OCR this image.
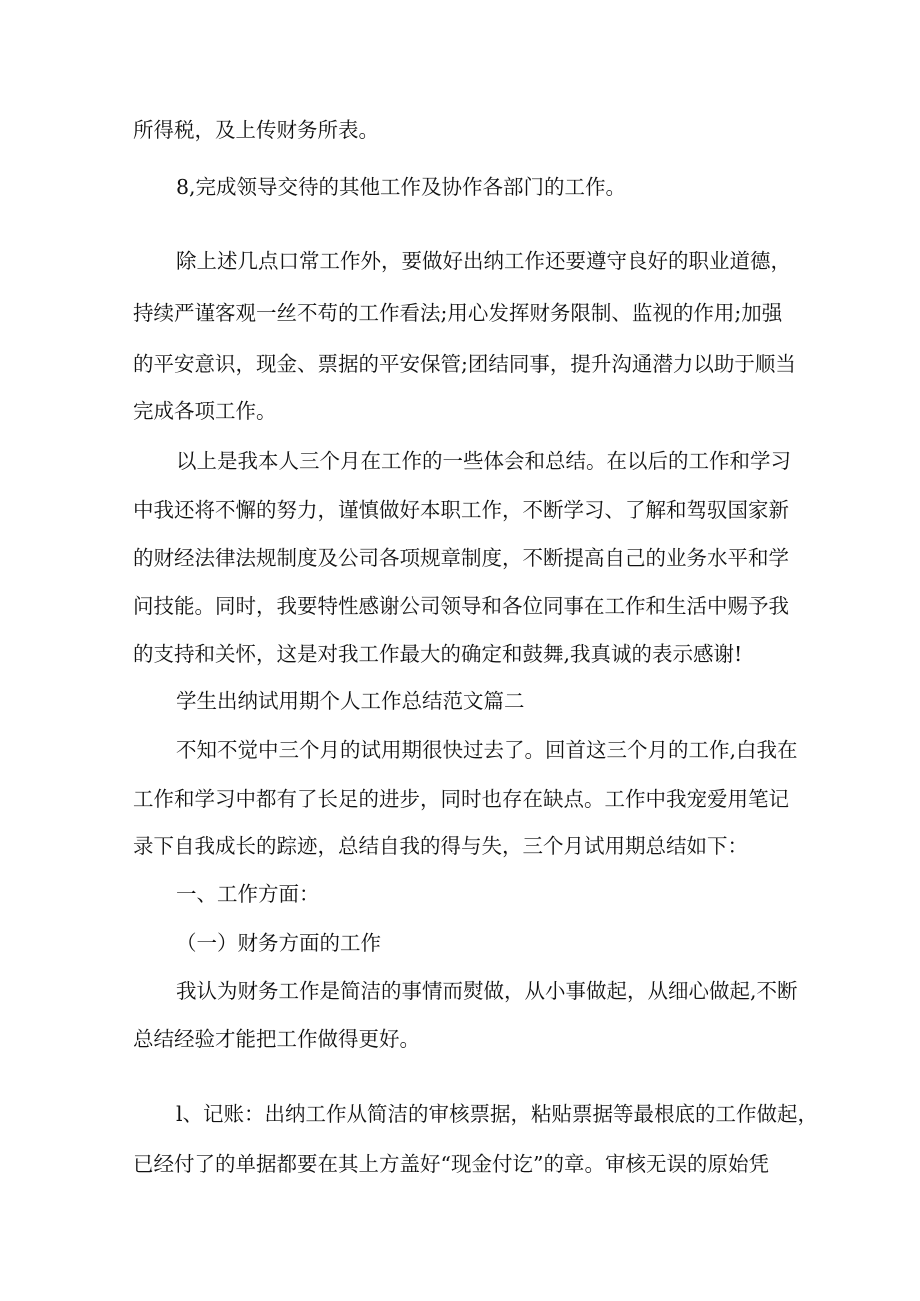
所得税，及上传财务所表。
8,完成领导交待的其他工作及协作各部门的工作。
除上述几点口常工作外，要做好出纳工作还要遵守良好的职业道德，
持续严谨客观一丝不苟的工作看法;用心发挥财务限制、监视的作用;加强
的平安意识，现金、票据的平安保管;团结同事，提升沟通潜力以助于顺当
完成各项工作。
以上是我本人三个月在工作的一些体会和总结。在以后的工作和学习
中我还将不懈的努力，谨慎做好本职工作，不断学习、了解和驾驭国家新
的财经法律法规制度及公司各项规章制度，不断提高自己的业务水平和学
问技能。同时，我要特性感谢公司领导和各位同事在工作和生活中赐予我
的支持和关怀，这是对我工作最大的确定和鼓舞,我真诚的表示感谢!
学生出纳试用期个人工作总结范文篇二
不知不觉中三个月的试用期很快过去了。回首这三个月的工作,白我在
工作和学习中都有了长足的进步，同时也存在缺点。工作中我宠爱用笔记
录下自我成长的踪迹，总结自我的得与失，三个月试用期总结如下：
一、工作方面：
（一）财务方面的工作
我认为财务工作是简洁的事情而熨做，从小事做起，从细心做起,不断
总结经验才能把工作做得更好。
l、记账：出纳工作从简洁的审核票据，粘贴票据等最根底的工作做起，
已经付了的单据都要在其上方盖好“现金付讫”的章。审核无误的原始凭
